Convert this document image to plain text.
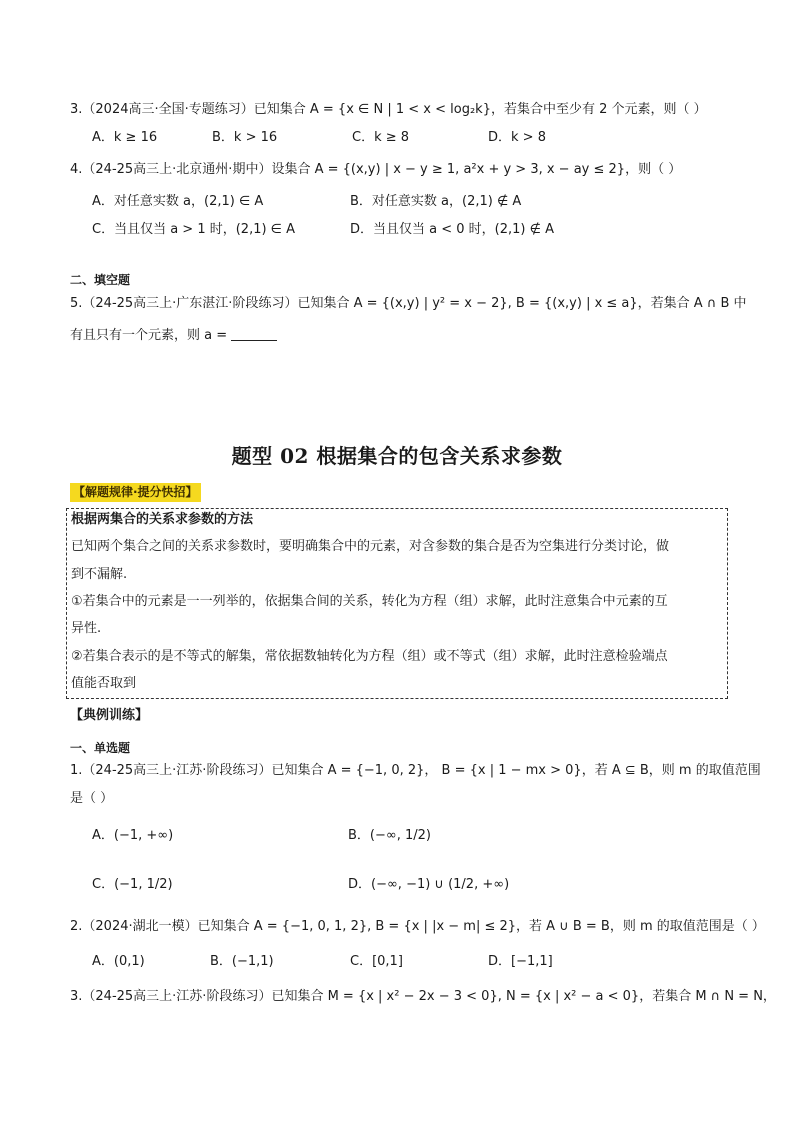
3.（2024高三·全国·专题练习）已知集合 A = {x ∈ N | 1 < x < log₂k}，若集合中至少有 2 个元素，则（ ）
A．k ≥ 16	B．k > 16	C．k ≥ 8	D．k > 8
4.（24-25高三上·北京通州·期中）设集合 A = {(x,y) | x − y ≥ 1, a²x + y > 3, x − ay ≤ 2}，则（ ）
A．对任意实数 a，(2,1) ∈ A	B．对任意实数 a，(2,1) ∉ A
C．当且仅当 a > 1 时，(2,1) ∈ A	D．当且仅当 a < 0 时，(2,1) ∉ A
二、填空题
5.（24-25高三上·广东湛江·阶段练习）已知集合 A = {(x,y) | y² = x − 2}, B = {(x,y) | x ≤ a}，若集合 A ∩ B 中
有且只有一个元素，则 a =
题型 02 根据集合的包含关系求参数
【解题规律·提分快招】
根据两集合的关系求参数的方法
已知两个集合之间的关系求参数时，要明确集合中的元素，对含参数的集合是否为空集进行分类讨论，做
到不漏解.
①若集合中的元素是一一列举的，依据集合间的关系，转化为方程（组）求解，此时注意集合中元素的互
异性.
②若集合表示的是不等式的解集，常依据数轴转化为方程（组）或不等式（组）求解，此时注意检验端点
值能否取到
【典例训练】
一、单选题
1.（24-25高三上·江苏·阶段练习）已知集合 A = {−1, 0, 2}， B = {x | 1 − mx > 0}，若 A ⊆ B，则 m 的取值范围
是（ ）
A．(−1, +∞)	B．(−∞, 1/2)
C．(−1, 1/2)	D．(−∞, −1) ∪ (1/2, +∞)
2.（2024·湖北一模）已知集合 A = {−1, 0, 1, 2}, B = {x | |x − m| ≤ 2}，若 A ∪ B = B，则 m 的取值范围是（ ）
A．(0,1)	B．(−1,1)	C．[0,1]	D．[−1,1]
3.（24-25高三上·江苏·阶段练习）已知集合 M = {x | x² − 2x − 3 < 0}, N = {x | x² − a < 0}，若集合 M ∩ N = N，
